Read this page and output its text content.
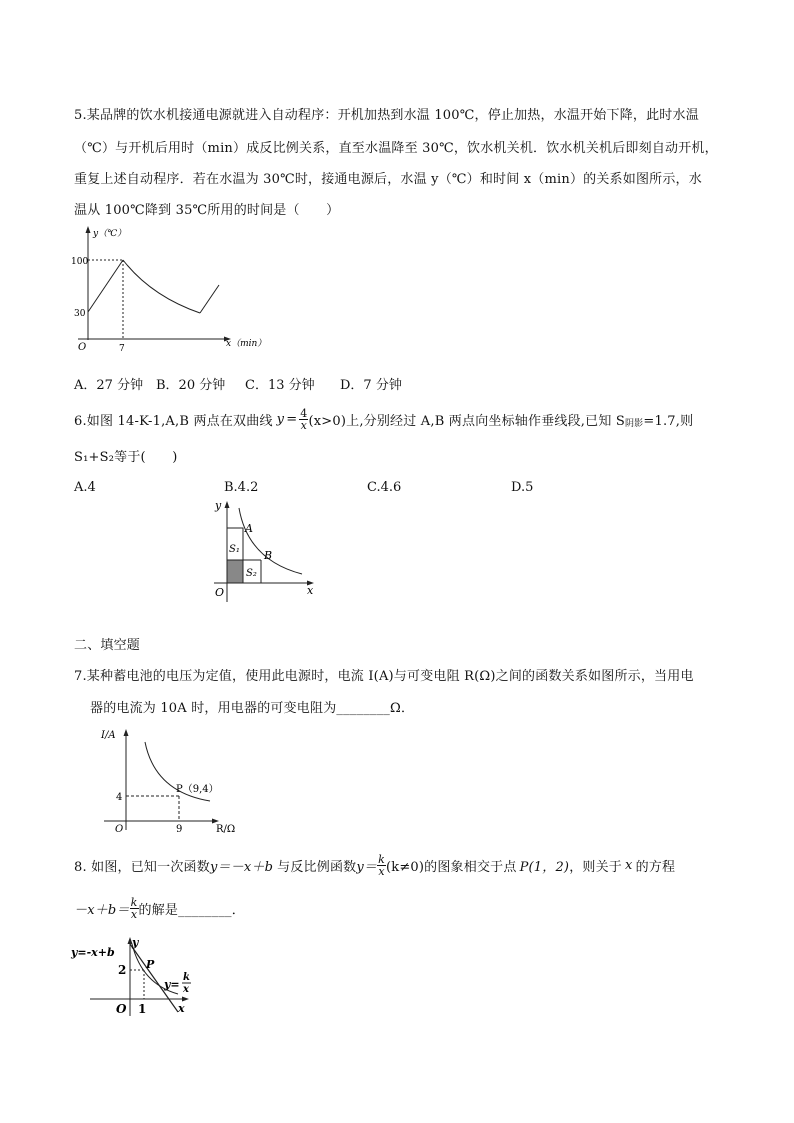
5.某品牌的饮水机接通电源就进入自动程序：开机加热到水温 100℃，停止加热，水温开始下降，此时水温
（℃）与开机后用时（min）成反比例关系，直至水温降至 30℃，饮水机关机．饮水机关机后即刻自动开机，
重复上述自动程序．若在水温为 30℃时，接通电源后，水温 y（℃）和时间 x（min）的关系如图所示，水
温从 100℃降到 35℃所用的时间是（　　）
y（℃）
x（min）
O
100
30
7
A．27 分钟 B．20 分钟 C．13 分钟 D．7 分钟
6.如图 14-K-1,A,B 两点在双曲线 $y = \frac{4}{x} (x>0)$上,分别经过 A,B 两点向坐标轴作垂线段,已知 S 阴影 =1.7,则
S₁+S₂等于(　　)
A.4	B.4.2	C.4.6	D.5
y
x
O
A
B
S₁
S₂
二、填空题
7.某种蓄电池的电压为定值，使用此电源时，电流 I(A)与可变电阻 R(Ω)之间的函数关系如图所示，当用电
器的电流为 10A 时，用电器的可变电阻为________Ω．
I/A
R/Ω
O
4
9
P（9,4）
8. 如图，已知一次函数 y＝－x＋b 与反比例函数 $y= \frac{k}{x} (k\ne 0)$的图象相交于点 P(1，2) ，则关于 x 的方程
$-x+b= \frac{k}{x}$ 的解是________．
y=-x+b
y
x
O
2
1
P
y=
k
x
